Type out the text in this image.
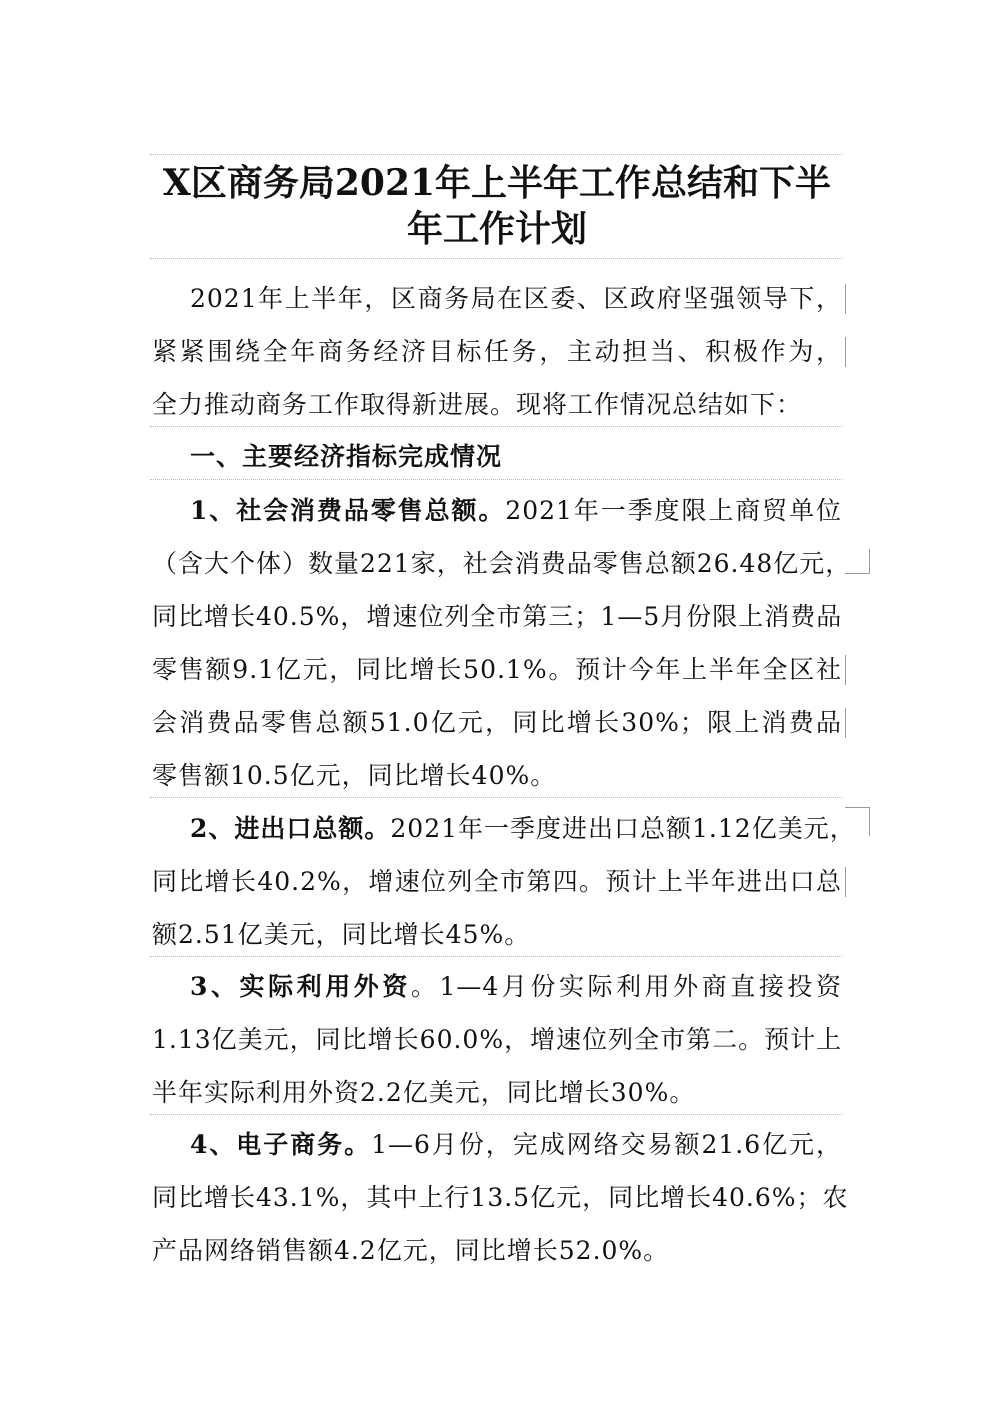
X区商务局2021年上半年工作总结和下半
年工作计划
2021年上半年，区商务局在区委、区政府坚强领导下，
紧紧围绕全年商务经济目标任务，主动担当、积极作为，
全力推动商务工作取得新进展。现将工作情况总结如下：
一、主要经济指标完成情况
1、社会消费品零售总额。2021年一季度限上商贸单位
（含大个体）数量221家，社会消费品零售总额26.48亿元，
同比增长40.5%，增速位列全市第三；1—5月份限上消费品
零售额9.1亿元，同比增长50.1%。预计今年上半年全区社
会消费品零售总额51.0亿元，同比增长30%；限上消费品
零售额10.5亿元，同比增长40%。
2、进出口总额。2021年一季度进出口总额1.12亿美元，
同比增长40.2%，增速位列全市第四。预计上半年进出口总
额2.51亿美元，同比增长45%。
3、实际利用外资。1—4月份实际利用外商直接投资
1.13亿美元，同比增长60.0%，增速位列全市第二。预计上
半年实际利用外资2.2亿美元，同比增长30%。
4、电子商务。1—6月份，完成网络交易额21.6亿元，
同比增长43.1%，其中上行13.5亿元，同比增长40.6%；农
产品网络销售额4.2亿元，同比增长52.0%。
